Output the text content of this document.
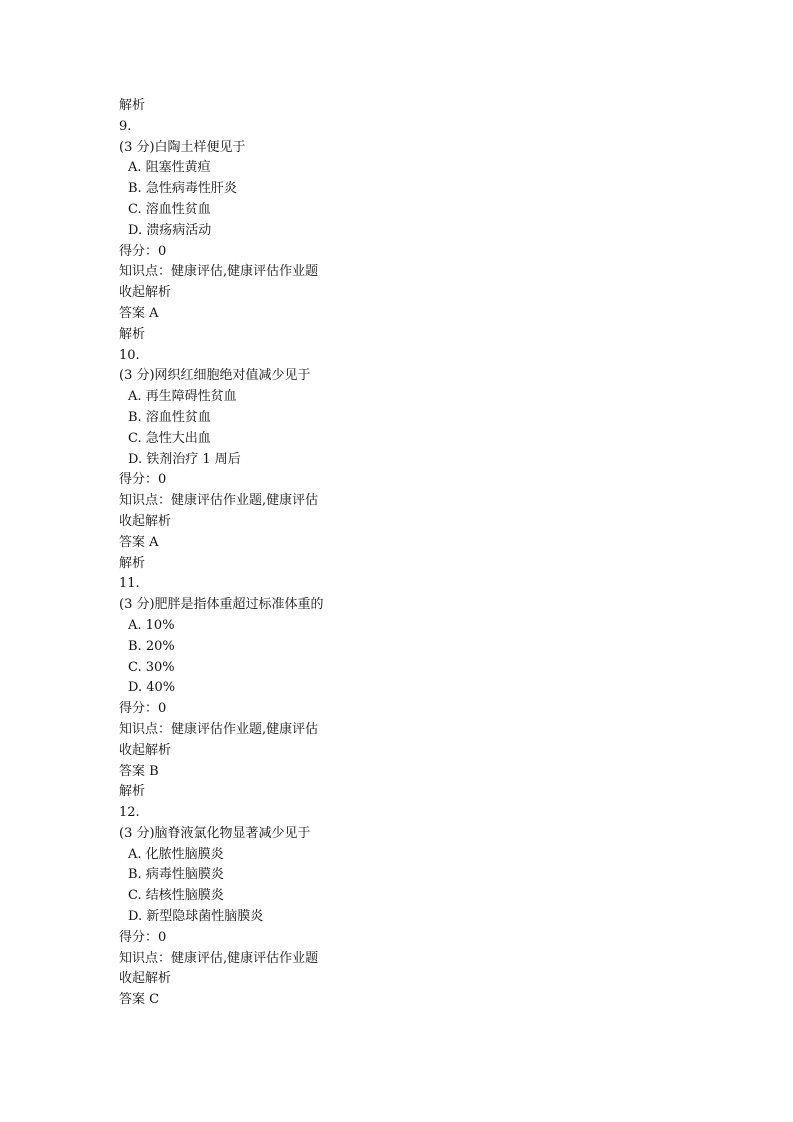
解析
9.
(3 分)白陶土样便见于
A. 阻塞性黄疸
B. 急性病毒性肝炎
C. 溶血性贫血
D. 溃疡病活动
得分：0
知识点：健康评估,健康评估作业题
收起解析
答案 A
解析
10.
(3 分)网织红细胞绝对值减少见于
A. 再生障碍性贫血
B. 溶血性贫血
C. 急性大出血
D. 铁剂治疗 1 周后
得分：0
知识点：健康评估作业题,健康评估
收起解析
答案 A
解析
11.
(3 分)肥胖是指体重超过标准体重的
A. 10%
B. 20%
C. 30%
D. 40%
得分：0
知识点：健康评估作业题,健康评估
收起解析
答案 B
解析
12.
(3 分)脑脊液氯化物显著减少见于
A. 化脓性脑膜炎
B. 病毒性脑膜炎
C. 结核性脑膜炎
D. 新型隐球菌性脑膜炎
得分：0
知识点：健康评估,健康评估作业题
收起解析
答案 C
